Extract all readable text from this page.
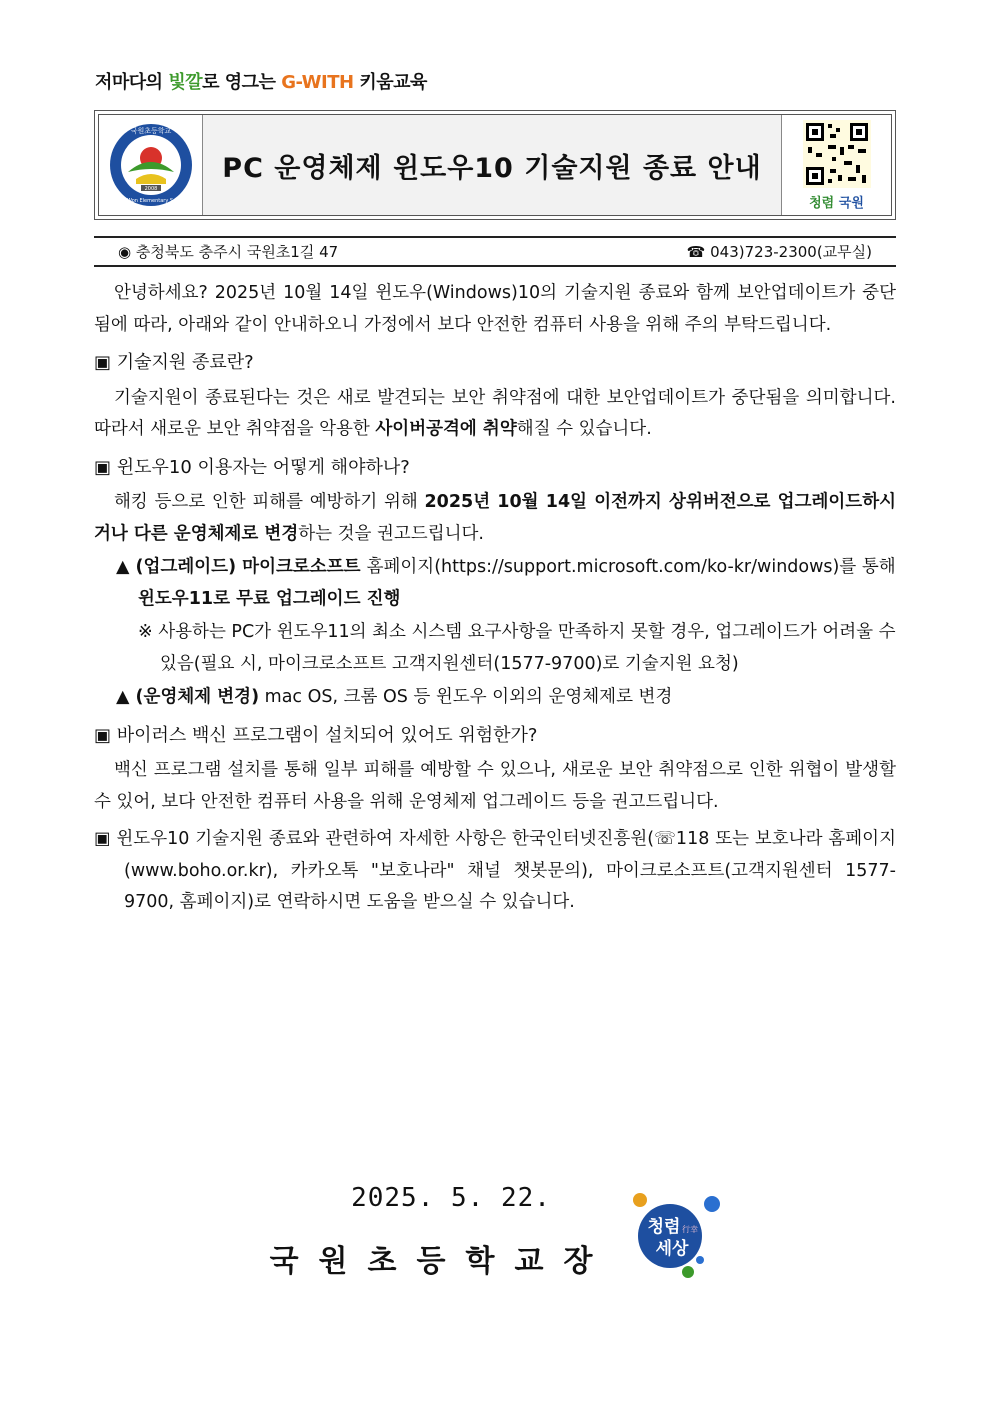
저마다의 빛깔로 영그는 G-WITH 키움교육
2008
국원초등학교
Guk-Won Elementary School
PC 운영체제 윈도우10 기술지원 종료 안내
청렴 국원
◉ 충청북도 충주시 국원초1길 47	☎ 043)723-2300(교무실)

안녕하세요? 2025년 10월 14일 윈도우(Windows)10의 기술지원 종료와 함께 보안업데이트가 중단됨에 따라, 아래와 같이 안내하오니 가정에서 보다 안전한 컴퓨터 사용을 위해 주의 부탁드립니다.

▣ 기술지원 종료란?

기술지원이 종료된다는 것은 새로 발견되는 보안 취약점에 대한 보안업데이트가 중단됨을 의미합니다. 따라서 새로운 보안 취약점을 악용한 사이버공격에 취약해질 수 있습니다.

▣ 윈도우10 이용자는 어떻게 해야하나?

해킹 등으로 인한 피해를 예방하기 위해 2025년 10월 14일 이전까지 상위버전으로 업그레이드하시거나 다른 운영체제로 변경하는 것을 권고드립니다.

▲ (업그레이드) 마이크로소프트 홈페이지(https://support.microsoft.com/ko-kr/windows)를 통해 윈도우11로 무료 업그레이드 진행

※ 사용하는 PC가 윈도우11의 최소 시스템 요구사항을 만족하지 못할 경우, 업그레이드가 어려울 수 있음(필요 시, 마이크로소프트 고객지원센터(1577-9700)로 기술지원 요청)

▲ (운영체제 변경) mac OS, 크롬 OS 등 윈도우 이외의 운영체제로 변경

▣ 바이러스 백신 프로그램이 설치되어 있어도 위험한가?

백신 프로그램 설치를 통해 일부 피해를 예방할 수 있으나, 새로운 보안 취약점으로 인한 위협이 발생할 수 있어, 보다 안전한 컴퓨터 사용을 위해 운영체제 업그레이드 등을 권고드립니다.

▣ 윈도우10 기술지원 종료와 관련하여 자세한 사항은 한국인터넷진흥원(☏118 또는 보호나라 홈페이지(www.boho.or.kr), 카카오톡 "보호나라" 채널 챗봇문의), 마이크로소프트(고객지원센터 1577-9700, 홈페이지)로 연락하시면 도움을 받으실 수 있습니다.

2025. 5. 22.
국원초등학교장
청렴 行幸
세상
